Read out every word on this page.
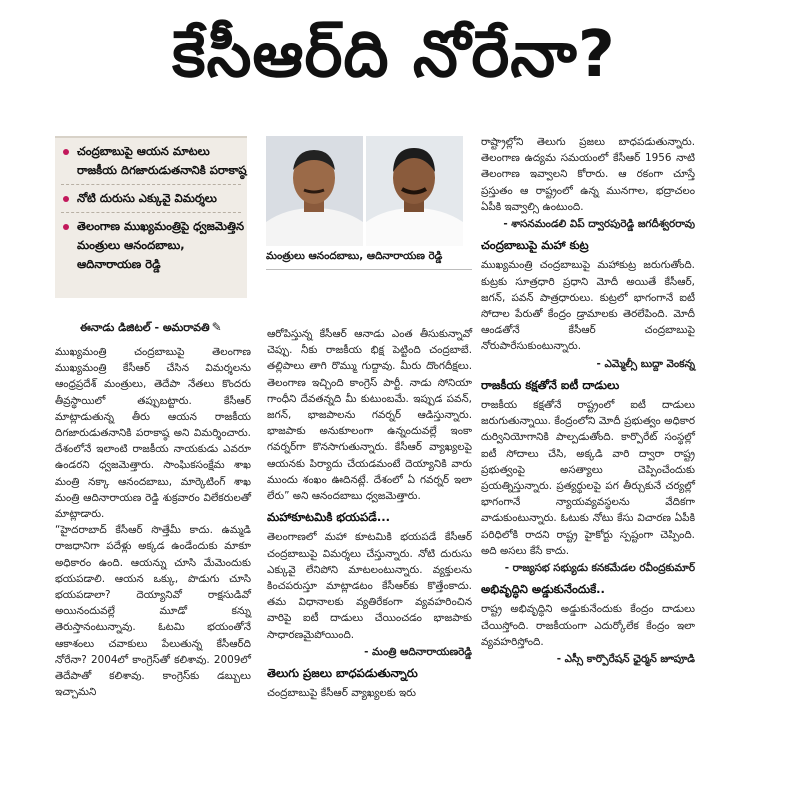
కేసీఆర్‌ది నోరేనా?
చంద్రబాబుపై ఆయన మాటలు రాజకీయ దిగజారుడుతనానికి పరాకాష్ఠ
నోటి దురుసు ఎక్కువై విమర్శలు
తెలంగాణ ముఖ్యమంత్రిపై ధ్వజమెత్తిన మంత్రులు ఆనందబాబు, ఆదినారాయణ రెడ్డి
ఈనాడు డిజిటల్ - అమరావతి ✎

ముఖ్యమంత్రి చంద్రబాబుపై తెలంగాణ ముఖ్యమంత్రి కేసీఆర్ చేసిన విమర్శలను ఆంధ్రప్రదేశ్ మంత్రులు, తెదేపా నేతలు కొందరు తీవ్రస్థాయిలో తప్పుబట్టారు. కేసీఆర్ మాట్లాడుతున్న తీరు ఆయన రాజకీయ దిగజారుడుతనానికి పరాకాష్ఠ అని విమర్శించారు. దేశంలోనే ఇలాంటి రాజకీయ నాయకుడు ఎవరూ ఉండరని ధ్వజమెత్తారు. సాంఘికసంక్షేమ శాఖ మంత్రి నక్కా ఆనందబాబు, మార్కెటింగ్ శాఖ మంత్రి ఆదినారాయణ రెడ్డి శుక్రవారం విలేకరులతో మాట్లాడారు.

“హైదరాబాద్ కేసీఆర్ సొత్తేమీ కాదు. ఉమ్మడి రాజధానిగా పదేళ్లు అక్కడ ఉండేందుకు మాకూ అధికారం ఉంది. ఆయన్ను చూసి మేమెందుకు భయపడాలి. ఆయన ఒక్కు, పొడుగు చూసి భయపడాలా? దెయ్యానివో రాక్షసుడివో అయినందువల్లే మూడో కన్ను తెరుస్తానంటున్నావు. ఓటమి భయంతోనే ఆకాశంలు చవాకులు పేలుతున్న కేసీఆర్‌ది నోరేనా? 2004లో కాంగ్రెస్‌తో కలిశావు. 2009లో తెదేపాతో కలిశావు. కాంగ్రెస్‌కు డబ్బులు ఇచ్చామని

మంత్రులు ఆనందబాబు, ఆదినారాయణ రెడ్డి

ఆరోపిస్తున్న కేసీఆర్ ఆనాడు ఎంత తీసుకున్నావో చెప్పు. నీకు రాజకీయ భిక్ష పెట్టింది చంద్రబాబే. తల్లిపాలు తాగి రొమ్ము గుద్దావు. మీరు దొంగదీక్షలు. తెలంగాణ ఇచ్చింది కాంగ్రెస్ పార్టీ. నాడు సోనియా గాంధీని దేవతన్నది మీ కుటుంబమే. ఇప్పుడ పవన్, జగన్, భాజపాలను గవర్నర్ ఆడిస్తున్నారు. భాజపాకు అనుకూలంగా ఉన్నందువల్లే ఇంకా గవర్నర్‌గా కొనసాగుతున్నారు. కేసీఆర్ వ్యాఖ్యలపై ఆయనకు పిర్యాదు చేయడమంటే దెయ్యానికి వారు ముందు శంఖం ఊదినట్లే. దేశంలో ఏ గవర్నర్ ఇలా లేరు” అని ఆనందబాబు ధ్వజమెత్తారు.

మహాకూటమికి భయపడే...

తెలంగాణలో మహా కూటమికి భయపడే కేసీఆర్ చంద్రబాబుపై విమర్శలు చేస్తున్నారు. నోటి దురుసు ఎక్కువై లేనిపోని మాటలంటున్నారు. వ్యక్తులను కించపరుస్తూ మాట్లాడటం కేసీఆర్‌కు కొత్తేంకాదు. తమ విధానాలకు వ్యతిరేకంగా వ్యవహరించిన వారిపై ఐటీ దాడులు చేయించడం భాజపాకు సాధారణమైపోయింది.

- మంత్రి ఆదినారాయణరెడ్డి
తెలుగు ప్రజలు బాధపడుతున్నారు

చంద్రబాబుపై కేసీఆర్ వ్యాఖ్యలకు ఇరు

రాష్ట్రాల్లోని తెలుగు ప్రజలు బాధపడుతున్నారు. తెలంగాణ ఉద్యమ సమయంలో కేసీఆర్ 1956 నాటి తెలంగాణ ఇవ్వాలని కోరారు. ఆ రకంగా చూస్తే ప్రస్తుతం ఆ రాష్ట్రంలో ఉన్న మునగాల, భద్రాచలం ఏపీకి ఇవ్వాల్సి ఉంటుంది.

- శాసనమండలి విప్ ద్వారపురెడ్డి జగదీశ్వరరావు
చంద్రబాబుపై మహా కుట్ర

ముఖ్యమంత్రి చంద్రబాబుపై మహాకుట్ర జరుగుతోంది. కుట్రకు సూత్రధారి ప్రధాని మోదీ అయితే కేసీఆర్, జగన్, పవన్ పాత్రధారులు. కుట్రలో భాగంగానే ఐటీ సోదాల పేరుతో కేంద్రం డ్రామాలకు తెరలేపింది. మోదీ ఆండతోనే కేసీఆర్ చంద్రబాబుపై నోరుపారేసుకుంటున్నారు.

- ఎమ్మెల్సీ బుద్దా వెంకన్న
రాజకీయ కక్షతోనే ఐటీ దాడులు

రాజకీయ కక్షతోనే రాష్ట్రంలో ఐటీ దాడులు జరుగుతున్నాయి. కేంద్రంలోని మోదీ ప్రభుత్వం అధికార దుర్వినియోగానికి పాల్పడుతోంది. కార్పొరేట్ సంస్థల్లో ఐటీ సోదాలు చేసి, అక్కడి వారి ద్వారా రాష్ట్ర ప్రభుత్వంపై అసత్యాలు చెప్పించేందుకు ప్రయత్నిస్తున్నారు. ప్రత్యర్థులపై పగ తీర్చుకునే చర్యల్లో భాగంగానే న్యాయవ్యవస్థలను వేదికగా వాడుకుంటున్నారు. ఓటుకు నోటు కేసు విచారణ ఏపీకి పరిధిలోకి రాదని రాష్ట్ర హైకోర్టు స్పష్టంగా చెప్పింది. అది అసలు కేసే కాదు.

- రాజ్యసభ సభ్యుడు కనకమేడల రవీంద్రకుమార్
అభివృద్ధిని అడ్డుకునేందుకే..

రాష్ట్ర అభివృద్ధిని అడ్డుకునేందుకు కేంద్రం దాడులు చేయిస్తోంది. రాజకీయంగా ఎదుర్కోలేక కేంద్రం ఇలా వ్యవహరిస్తోంది.

- ఎస్సీ కార్పొరేషన్ ఛైర్మన్ జూపూడి
